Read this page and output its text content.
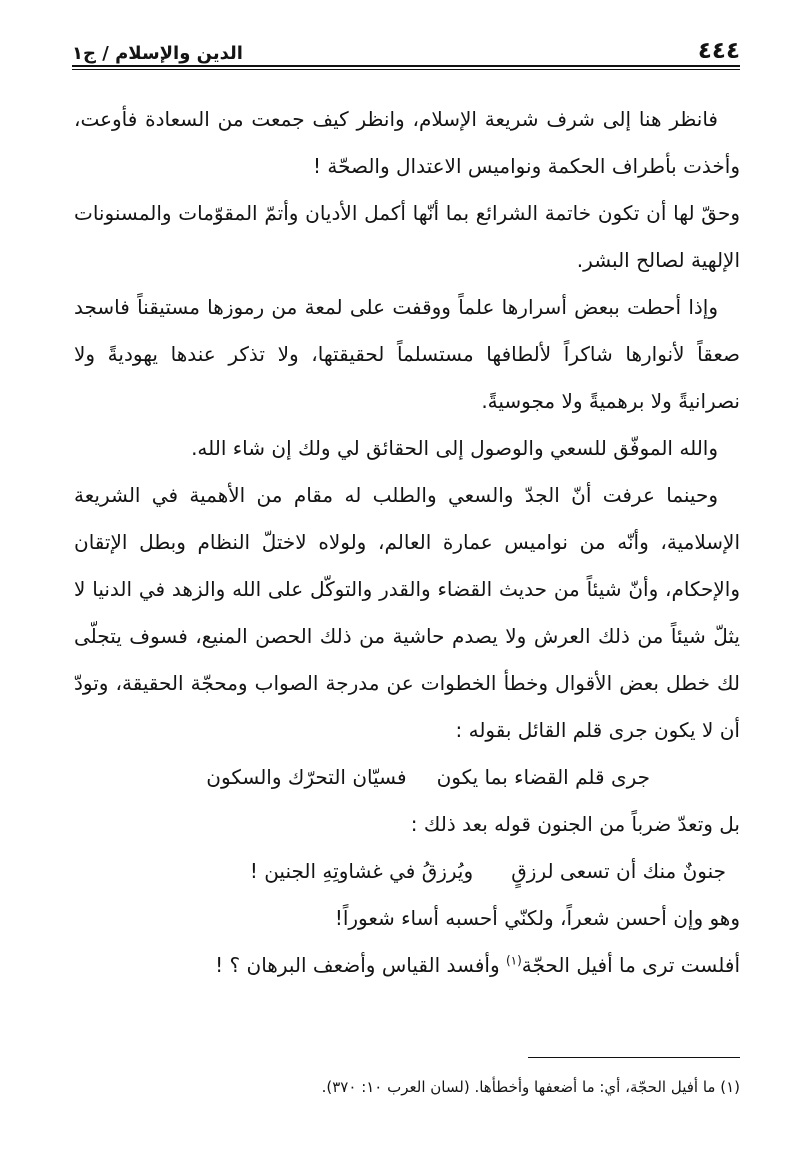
٤٤٤
الدين والإسلام / ج١

فانظر هنا إلى شرف شريعة الإسلام، وانظر كيف جمعت من السعادة فأوعت، وأخذت بأطراف الحكمة ونواميس الاعتدال والصحّة !

وحقّ لها أن تكون خاتمة الشرائع بما أنّها أكمل الأديان وأتمّ المقوّمات والمسنونات الإلهية لصالح البشر.

وإذا أحطت ببعض أسرارها علماً ووقفت على لمعة من رموزها مستيقناً فاسجد صعقاً لأنوارها شاكراً لألطافها مستسلماً لحقيقتها، ولا تذكر عندها يهوديةً ولا نصرانيةً ولا برهميةً ولا مجوسيةً.

والله الموفّق للسعي والوصول إلى الحقائق لي ولك إن شاء الله.

وحينما عرفت أنّ الجدّ والسعي والطلب له مقام من الأهمية في الشريعة الإسلامية، وأنّه من نواميس عمارة العالم، ولولاه لاختلّ النظام وبطل الإتقان والإحكام، وأنّ شيئاً من حديث القضاء والقدر والتوكّل على الله والزهد في الدنيا لا يثلّ شيئاً من ذلك العرش ولا يصدم حاشية من ذلك الحصن المنيع، فسوف يتجلّى لك خطل بعض الأقوال وخطأ الخطوات عن مدرجة الصواب ومحجّة الحقيقة، وتودّ أن لا يكون جرى قلم القائل بقوله :

جرى قلم القضاء بما يكون
فسيّان التحرّك والسكون
بل وتعدّ ضرباً من الجنون قوله بعد ذلك :
جنونٌ منك أن تسعى لرزقٍ      ويُرزقُ في غشاوتِهِ الجنين !
وهو وإن أحسن شعراً، ولكنّي أحسبه أساء شعوراً!
أفلست ترى ما أفيل الحجّة$^{(١)}$ وأفسد القياس وأضعف البرهان ؟ !
(١) ما أفيل الحجّة، أي: ما أضعفها وأخطأها. (لسان العرب ١٠: ٣٧٠).
